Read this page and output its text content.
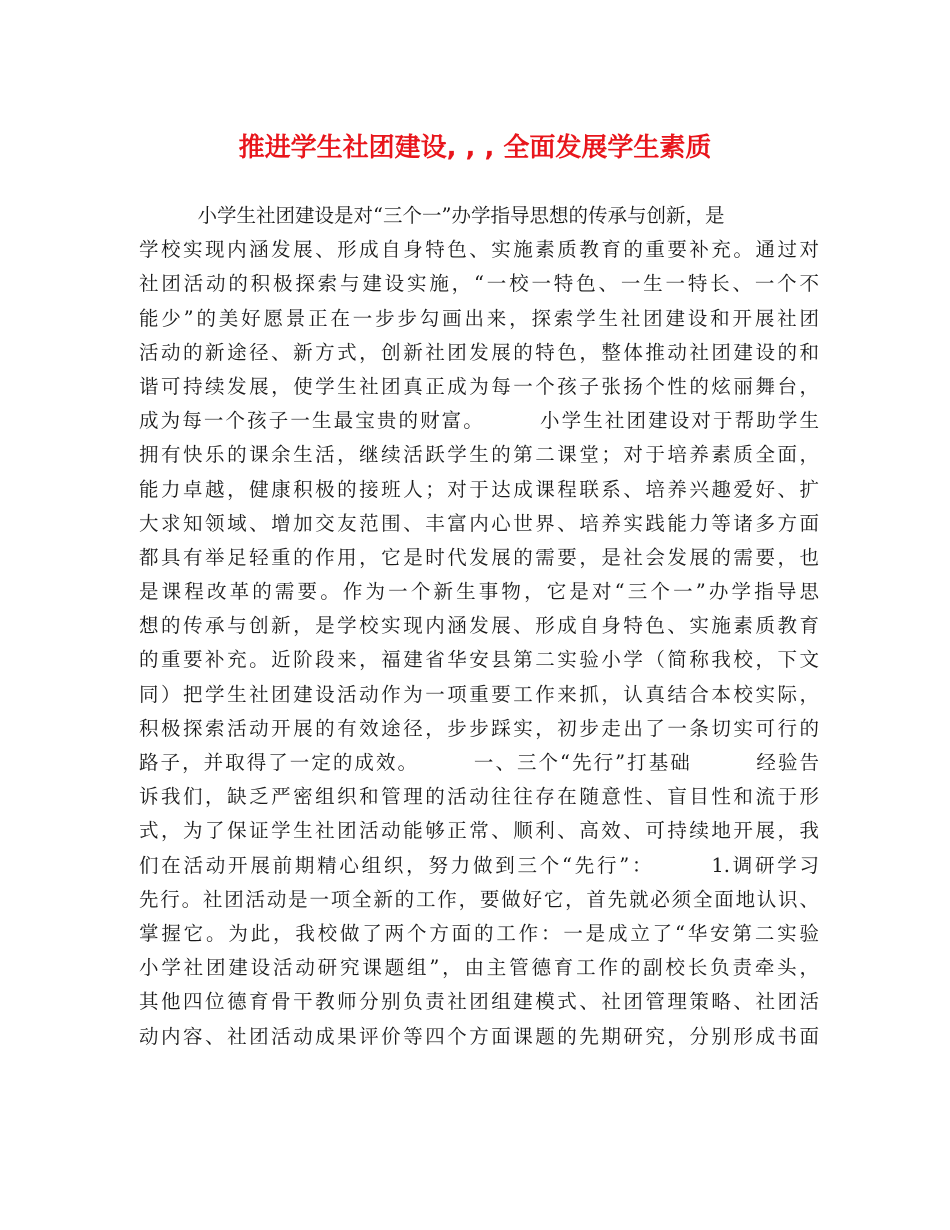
推进学生社团建设, , , 全面发展学生素质
　　　小学生社团建设是对“三个一”办学指导思想的传承与创新，是
学校实现内涵发展、形成自身特色、实施素质教育的重要补充。通过对
社团活动的积极探索与建设实施，“一校一特色、一生一特长、一个不
能少”的美好愿景正在一步步勾画出来，探索学生社团建设和开展社团
活动的新途径、新方式，创新社团发展的特色，整体推动社团建设的和
谐可持续发展，使学生社团真正成为每一个孩子张扬个性的炫丽舞台，
成为每一个孩子一生最宝贵的财富。　　　小学生社团建设对于帮助学生
拥有快乐的课余生活，继续活跃学生的第二课堂；对于培养素质全面，
能力卓越，健康积极的接班人；对于达成课程联系、培养兴趣爱好、扩
大求知领域、增加交友范围、丰富内心世界、培养实践能力等诸多方面
都具有举足轻重的作用，它是时代发展的需要，是社会发展的需要，也
是课程改革的需要。作为一个新生事物，它是对“三个一”办学指导思
想的传承与创新，是学校实现内涵发展、形成自身特色、实施素质教育
的重要补充。近阶段来，福建省华安县第二实验小学（简称我校，下文
同）把学生社团建设活动作为一项重要工作来抓，认真结合本校实际，
积极探索活动开展的有效途径，步步踩实，初步走出了一条切实可行的
路子，并取得了一定的成效。　　　一、三个“先行”打基础　　　经验告
诉我们，缺乏严密组织和管理的活动往往存在随意性、盲目性和流于形
式，为了保证学生社团活动能够正常、顺利、高效、可持续地开展，我
们在活动开展前期精心组织，努力做到三个“先行”：　　　1.调研学习
先行。社团活动是一项全新的工作，要做好它，首先就必须全面地认识、
掌握它。为此，我校做了两个方面的工作：一是成立了“华安第二实验
小学社团建设活动研究课题组”，由主管德育工作的副校长负责牵头，
其他四位德育骨干教师分别负责社团组建模式、社团管理策略、社团活
动内容、社团活动成果评价等四个方面课题的先期研究，分别形成书面
